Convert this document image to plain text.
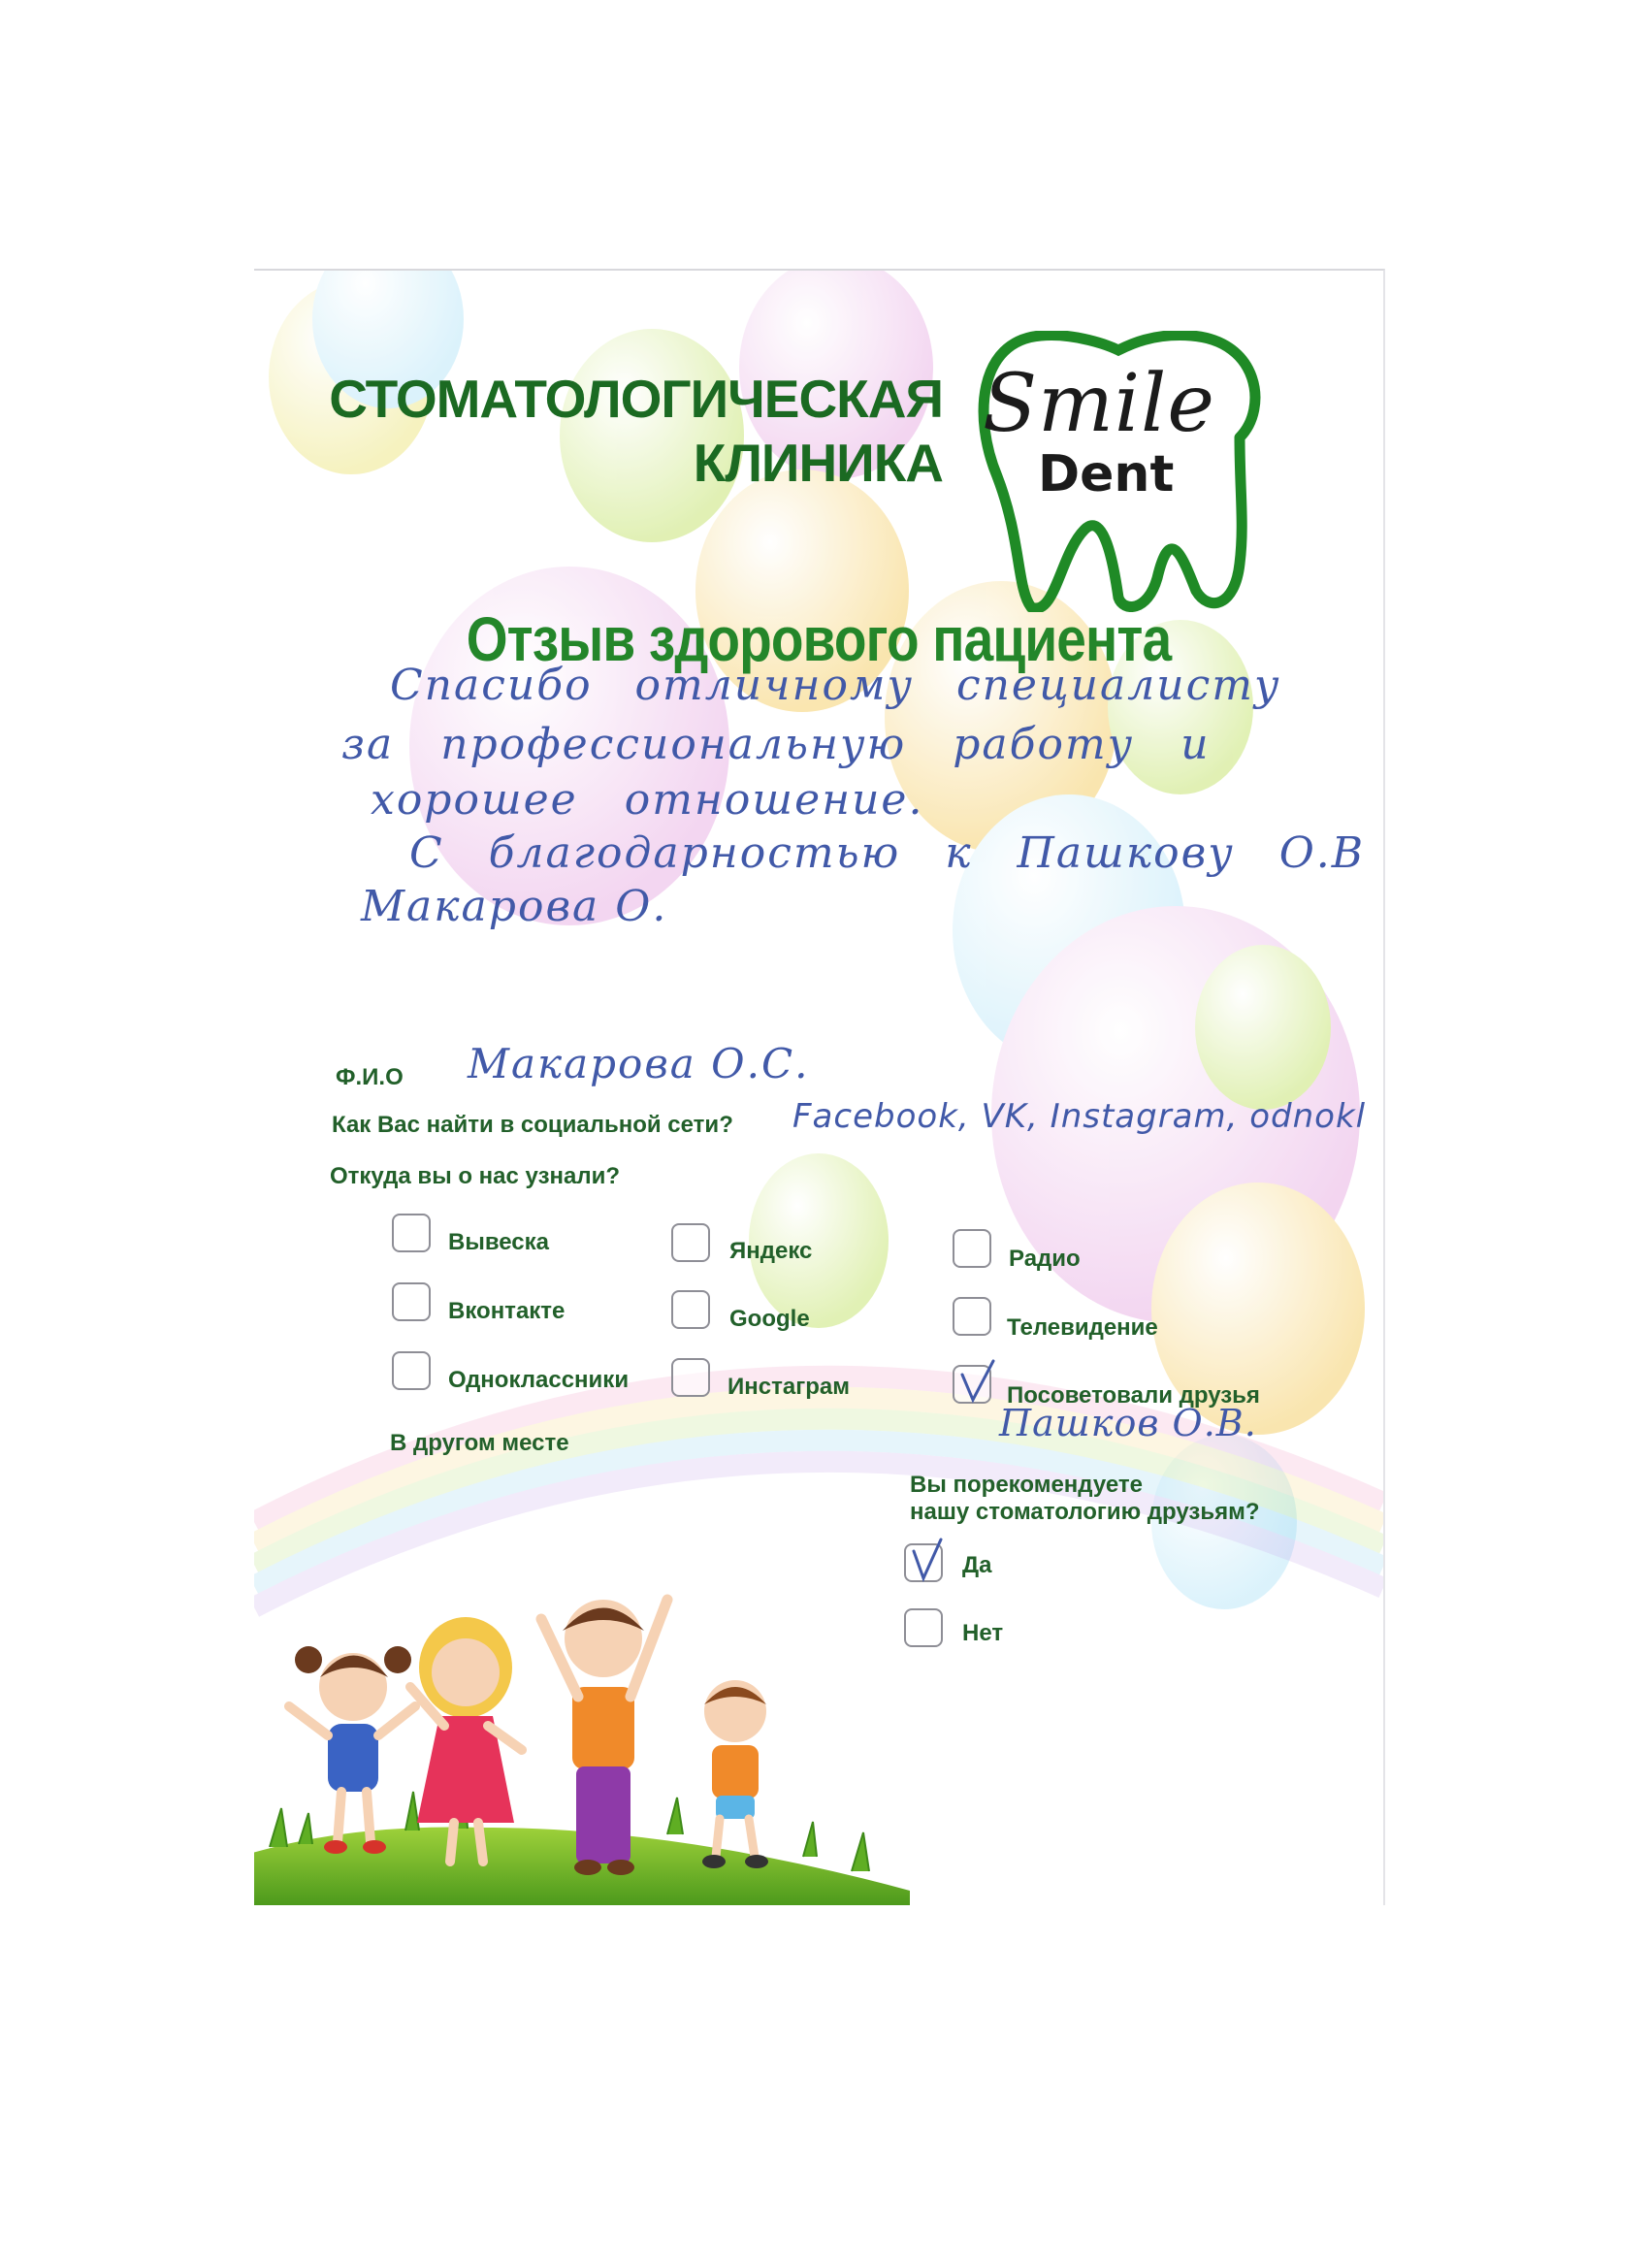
СТОМАТОЛОГИЧЕСКАЯ
КЛИНИКА
Smile
Dent
Отзыв здорового пациента
Спасибо отличному специалисту
за профессиональную работу и
хорошее отношение.
С благодарностью к Пашкову О.В
Макарова О.
Ф.И.О Макарова О.С.
Как Вас найти в социальной сети? Facebook, VK, Instagram, odnokl
Откуда вы о нас узнали?
Вывеска
Вконтакте
Одноклассники
Яндекс
Google
Инстаграм
Радио
Телевидение
Посоветовали друзья
Пашков О.В.
В другом месте
Вы порекомендуете
нашу стоматологию друзьям?
Да
Нет
